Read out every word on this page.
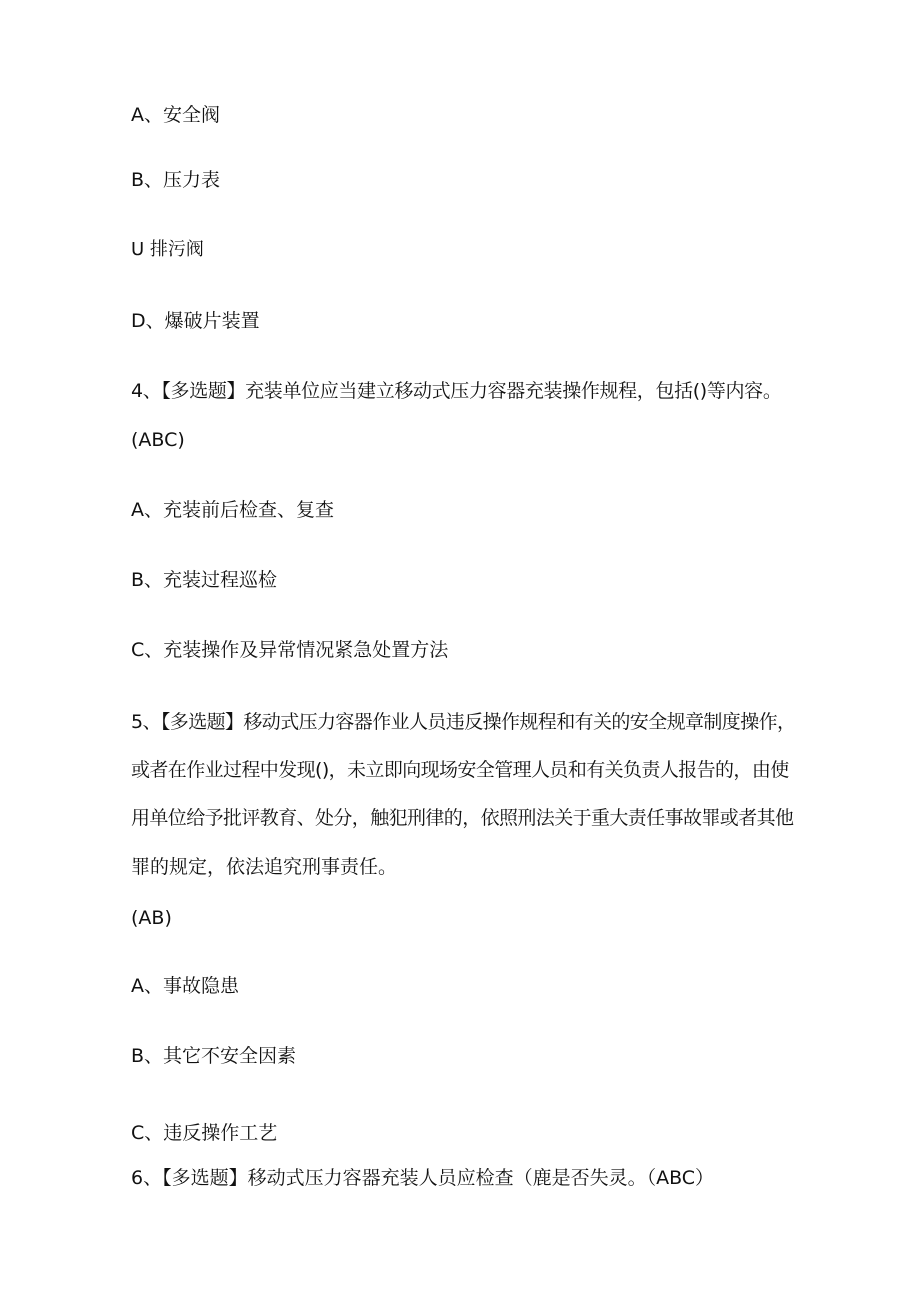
A、安全阀

B、压力表

U 排污阀

D、爆破片装置

4、【多选题】充装单位应当建立移动式压力容器充装操作规程，包括()等内容。

(ABC)

A、充装前后检查、复查

B、充装过程巡检

C、充装操作及异常情况紧急处置方法

5、【多选题】移动式压力容器作业人员违反操作规程和有关的安全规章制度操作，

或者在作业过程中发现()，未立即向现场安全管理人员和有关负责人报告的，由使

用单位给予批评教育、处分，触犯刑律的，依照刑法关于重大责任事故罪或者其他

罪的规定，依法追究刑事责任。

(AB)

A、事故隐患

B、其它不安全因素

C、违反操作工艺

6、【多选题】移动式压力容器充装人员应检查（鹿是否失灵。（ABC）
